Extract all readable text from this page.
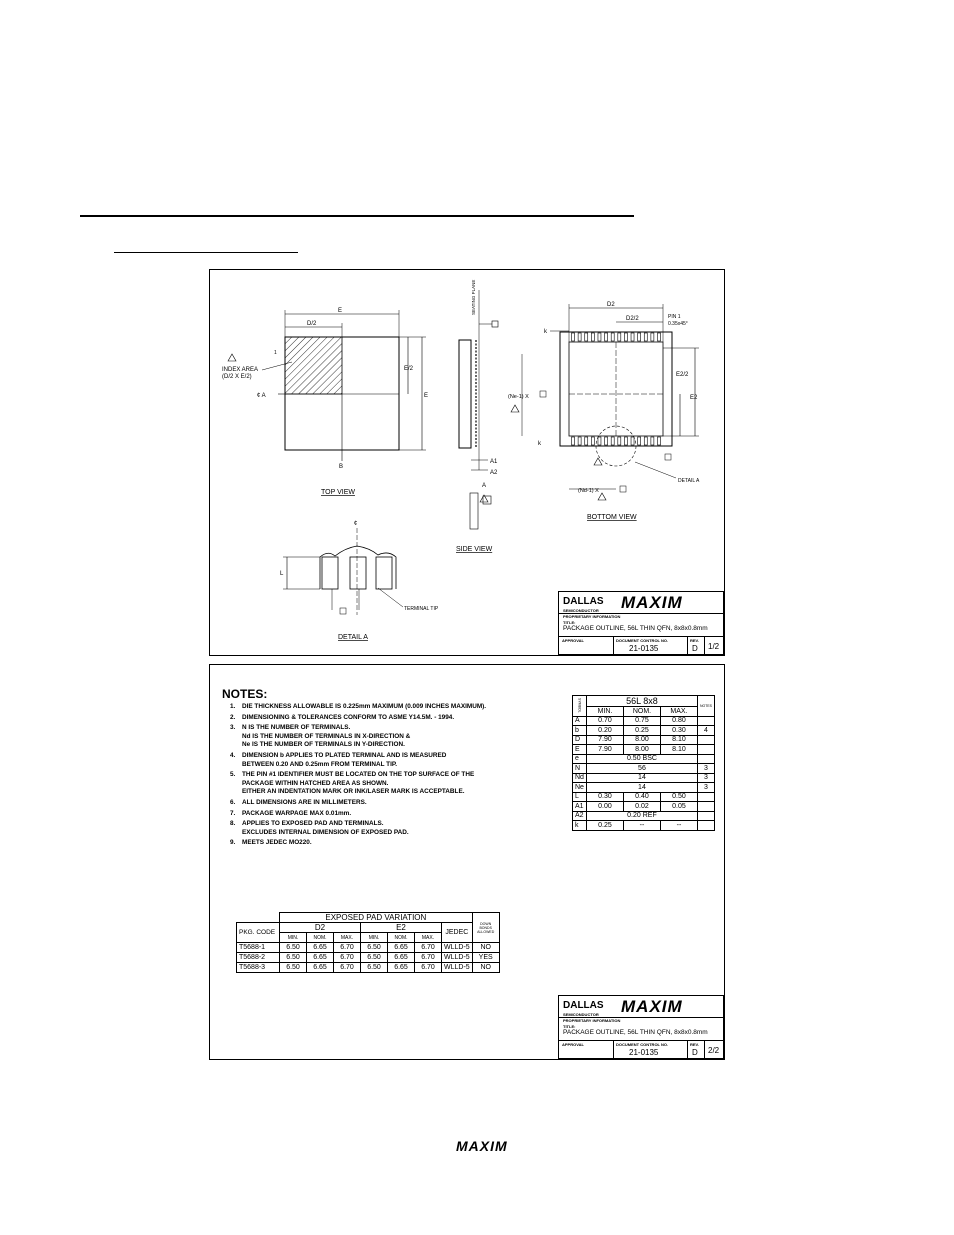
E
D/2
E/2
E
INDEX AREA
(D/2 X E/2)
1
¢ A
B
TOP VIEW
SEATING PLANE
A1
A2
A
SIDE VIEW
D2
D2/2	PIN 1
0.35x45°
k
E2/2
E2
(Ne-1) X
k
DETAIL A
(Nd-1) X
BOTTOM VIEW
¢
L
TERMINAL TIP
DETAIL A
DALLAS
SEMICONDUCTOR MAXIM
PROPRIETARY INFORMATION
TITLE:
PACKAGE OUTLINE, 56L THIN QFN, 8x8x0.8mm
APPROVAL	DOCUMENT CONTROL NO.
21-0135
REV.
D 1/2
NOTES:
1.	DIE THICKNESS ALLOWABLE IS 0.225mm MAXIMUM (0.009 INCHES MAXIMUM).
2.	DIMENSIONING & TOLERANCES CONFORM TO ASME Y14.5M. - 1994.
3.	N IS THE NUMBER OF TERMINALS.
Nd IS THE NUMBER OF TERMINALS IN X-DIRECTION &
Ne IS THE NUMBER OF TERMINALS IN Y-DIRECTION.
4.	DIMENSION b APPLIES TO PLATED TERMINAL AND IS MEASURED
BETWEEN 0.20 AND 0.25mm FROM TERMINAL TIP.
5.	THE PIN #1 IDENTIFIER MUST BE LOCATED ON THE TOP SURFACE OF THE
PACKAGE WITHIN HATCHED AREA AS SHOWN.
EITHER AN INDENTATION MARK OR INK/LASER MARK IS ACCEPTABLE.
6.	ALL DIMENSIONS ARE IN MILLIMETERS.
7.	PACKAGE WARPAGE MAX 0.01mm.
8.	APPLIES TO EXPOSED PAD AND TERMINALS.
EXCLUDES INTERNAL DIMENSION OF EXPOSED PAD.
9.	MEETS JEDEC MO220.
SYMBOL	56L 8x8			NOTES
	MIN.	NOM.	MAX.	
A	0.70	0.75	0.80	
b	0.20	0.25	0.30	4
D	7.90	8.00	8.10	
E	7.90	8.00	8.10	
e	0.50 BSC			
N	56			3
Nd	14			3
Ne	14			3
L	0.30	0.40	0.50	
A1	0.00	0.02	0.05	
A2	0.20 REF			
k	0.25	--	--	
	EXPOSED PAD VARIATION							DOWN BONDS ALLOWED
PKG. CODE	D2			E2			JEDEC	
	MIN.	NOM.	MAX.	MIN.	NOM.	MAX.		
T5688-1	6.50	6.65	6.70	6.50	6.65	6.70	WLLD-5	NO
T5688-2	6.50	6.65	6.70	6.50	6.65	6.70	WLLD-5	YES
T5688-3	6.50	6.65	6.70	6.50	6.65	6.70	WLLD-5	NO
DALLAS
SEMICONDUCTOR MAXIM
PROPRIETARY INFORMATION
TITLE:
PACKAGE OUTLINE, 56L THIN QFN, 8x8x0.8mm
APPROVAL	DOCUMENT CONTROL NO.
21-0135
REV.
D 2/2
MAXIM
